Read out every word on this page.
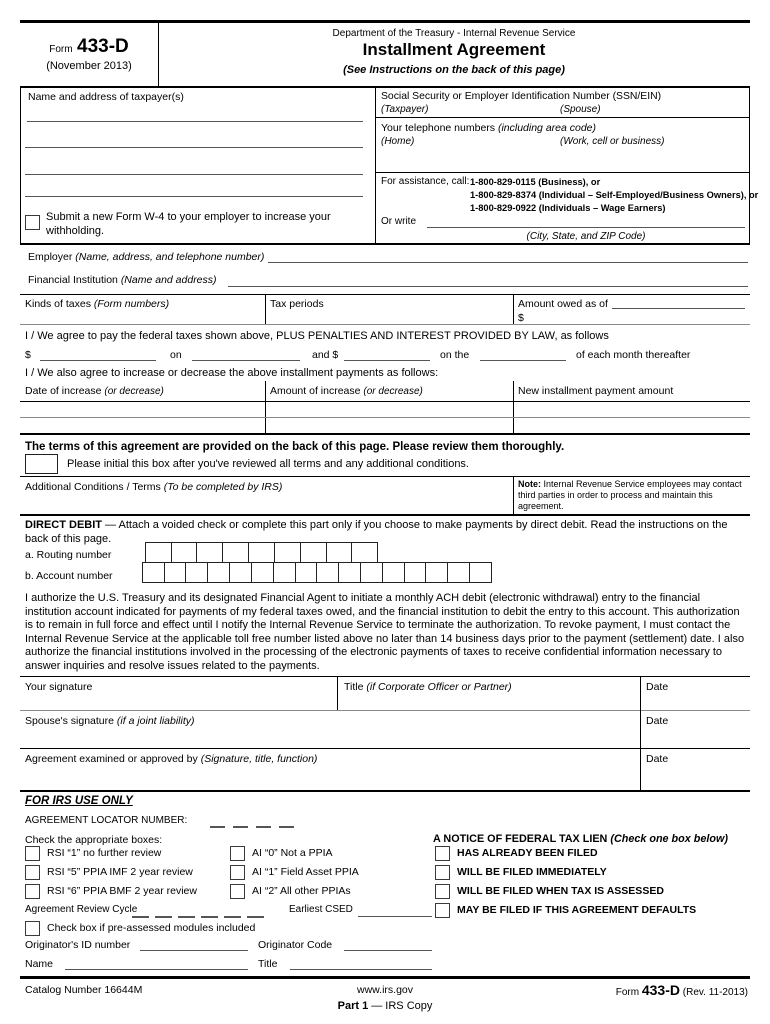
Form 433-D
(November 2013)
Department of the Treasury - Internal Revenue Service
Installment Agreement
(See Instructions on the back of this page)
Name and address of taxpayer(s)
Submit a new Form W-4 to your employer to increase your withholding.
Social Security or Employer Identification Number (SSN/EIN)
(Taxpayer)	(Spouse)
Your telephone numbers (including area code)
(Home)	(Work, cell or business)
For assistance, call: 1-800-829-0115 (Business), or
1-800-829-8374 (Individual – Self-Employed/Business Owners), or
1-800-829-0922 (Individuals – Wage Earners)
Or write
(City, State, and ZIP Code)
Employer (Name, address, and telephone number)
Financial Institution (Name and address)
Kinds of taxes (Form numbers)	Tax periods	Amount owed as of
$
I / We agree to pay the federal taxes shown above, PLUS PENALTIES AND INTEREST PROVIDED BY LAW, as follows
$	on	and $	on the	of each month thereafter
I / We also agree to increase or decrease the above installment payments as follows:
Date of increase (or decrease)	Amount of increase (or decrease)	New installment payment amount
The terms of this agreement are provided on the back of this page. Please review them thoroughly.
Please initial this box after you've reviewed all terms and any additional conditions.
Additional Conditions / Terms (To be completed by IRS)	Note: Internal Revenue Service employees may contact third parties in order to process and maintain this agreement.
DIRECT DEBIT — Attach a voided check or complete this part only if you choose to make payments by direct debit. Read the instructions on the back of this page.
a. Routing number
b. Account number
I authorize the U.S. Treasury and its designated Financial Agent to initiate a monthly ACH debit (electronic withdrawal) entry to the financial institution account indicated for payments of my federal taxes owed, and the financial institution to debit the entry to this account. This authorization is to remain in full force and effect until I notify the Internal Revenue Service to terminate the authorization. To revoke payment, I must contact the Internal Revenue Service at the applicable toll free number listed above no later than 14 business days prior to the payment (settlement) date. I also authorize the financial institutions involved in the processing of the electronic payments of taxes to receive confidential information necessary to answer inquiries and resolve issues related to the payments.
Your signature	Title (if Corporate Officer or Partner)	Date
Spouse's signature (if a joint liability)	Date
Agreement examined or approved by (Signature, title, function)	Date
FOR IRS USE ONLY
AGREEMENT LOCATOR NUMBER:
Check the appropriate boxes:	A NOTICE OF FEDERAL TAX LIEN (Check one box below)
RSI “1” no further review	AI “0” Not a PPIA	HAS ALREADY BEEN FILED
RSI “5” PPIA IMF 2 year review	AI “1” Field Asset PPIA	WILL BE FILED IMMEDIATELY
RSI “6” PPIA BMF 2 year review	AI “2” All other PPIAs	WILL BE FILED WHEN TAX IS ASSESSED
Agreement Review Cycle	Earliest CSED	MAY BE FILED IF THIS AGREEMENT DEFAULTS
Check box if pre-assessed modules included
Originator's ID number	Originator Code
Name	Title
Catalog Number 16644M	www.irs.gov	Form 433-D (Rev. 11-2013)
Part 1 — IRS Copy
